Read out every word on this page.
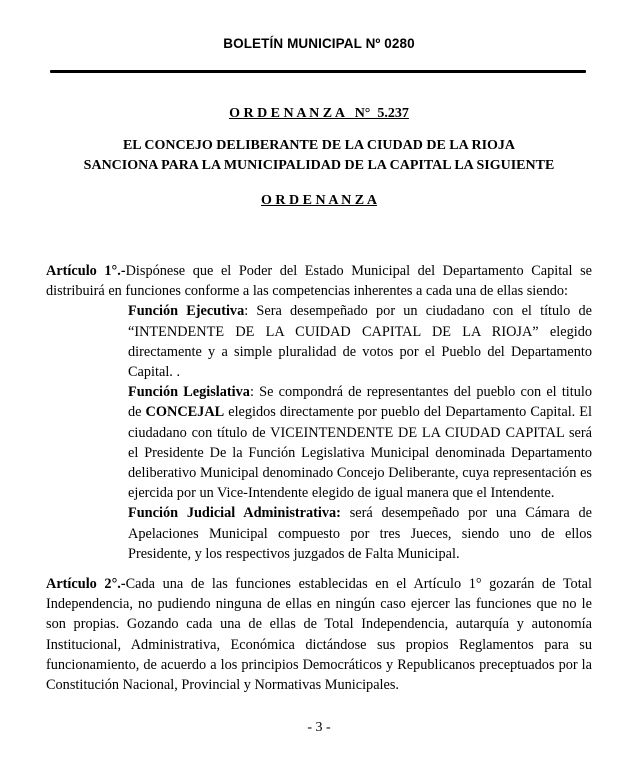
BOLETÍN MUNICIPAL Nº 0280
O R D E N A N Z A   N°  5.237
EL CONCEJO DELIBERANTE DE LA CIUDAD DE LA RIOJA
SANCIONA PARA LA MUNICIPALIDAD DE LA CAPITAL LA SIGUIENTE
O R D E N A N Z A
Artículo 1°.-Dispónese que el Poder del Estado Municipal del Departamento Capital se distribuirá en funciones conforme a las competencias inherentes a cada una de ellas siendo:
Función Ejecutiva: Sera desempeñado por un ciudadano con el título de “INTENDENTE DE LA CUIDAD CAPITAL DE LA RIOJA” elegido directamente y a simple pluralidad de votos por el Pueblo del Departamento Capital. .
Función Legislativa: Se compondrá de representantes del pueblo con el titulo de CONCEJAL elegidos directamente por pueblo del Departamento Capital. El ciudadano con título de VICEINTENDENTE DE LA CIUDAD CAPITAL será el Presidente De la Función Legislativa Municipal denominada Departamento deliberativo Municipal denominado Concejo Deliberante, cuya representación es ejercida por un Vice-Intendente elegido de igual manera que el Intendente.
Función Judicial Administrativa: será desempeñado por una Cámara de Apelaciones Municipal compuesto por tres Jueces, siendo uno de ellos Presidente, y los respectivos juzgados de Falta Municipal.
Artículo 2°.-Cada una de las funciones establecidas en el Artículo 1° gozarán de Total Independencia, no pudiendo ninguna de ellas en ningún caso ejercer las funciones que no le son propias. Gozando cada una de ellas de Total Independencia, autarquía y autonomía Institucional, Administrativa, Económica dictándose sus propios Reglamentos para su funcionamiento, de acuerdo a los principios Democráticos y Republicanos preceptuados por la Constitución Nacional, Provincial y Normativas Municipales.
- 3 -
